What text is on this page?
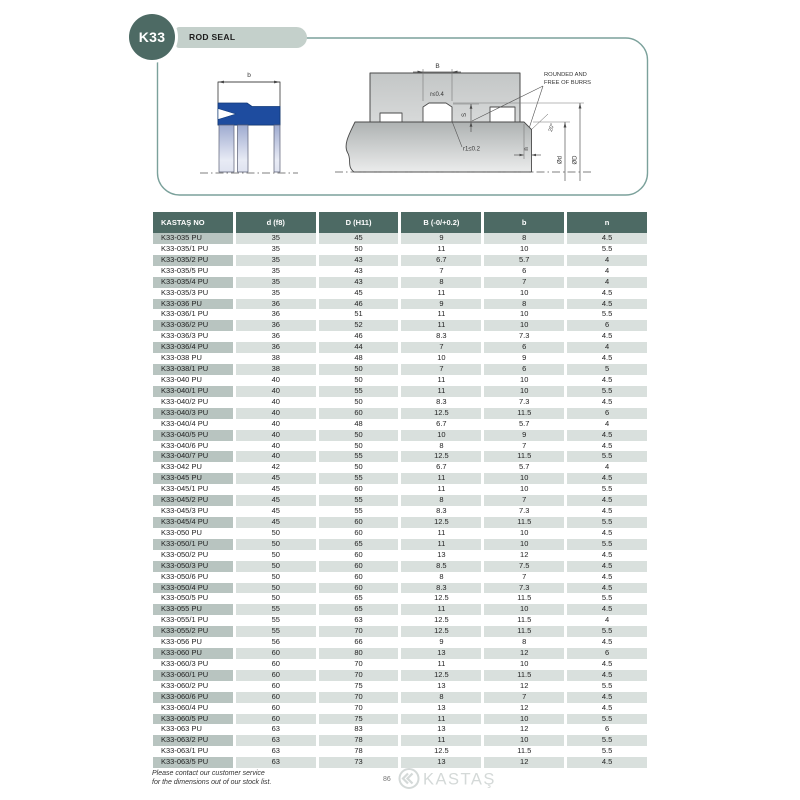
K33	ROD SEAL
b
B
r≤0.4
S
r1≤0.2
ROUNDED AND
FREE OF BURRS
20°
n
Ød ØD
KASTAŞ NO	d (f8)	D (H11)	B (-0/+0.2)	b	n
K33-035 PU	35	45	9	8	4.5
K33-035/1 PU	35	50	11	10	5.5
K33-035/2 PU	35	43	6.7	5.7	4
K33-035/5 PU	35	43	7	6	4
K33-035/4 PU	35	43	8	7	4
K33-035/3 PU	35	45	11	10	4.5
K33-036 PU	36	46	9	8	4.5
K33-036/1 PU	36	51	11	10	5.5
K33-036/2 PU	36	52	11	10	6
K33-036/3 PU	36	46	8.3	7.3	4.5
K33-036/4 PU	36	44	7	6	4
K33-038 PU	38	48	10	9	4.5
K33-038/1 PU	38	50	7	6	5
K33-040 PU	40	50	11	10	4.5
K33-040/1 PU	40	55	11	10	5.5
K33-040/2 PU	40	50	8.3	7.3	4.5
K33-040/3 PU	40	60	12.5	11.5	6
K33-040/4 PU	40	48	6.7	5.7	4
K33-040/5 PU	40	50	10	9	4.5
K33-040/6 PU	40	50	8	7	4.5
K33-040/7 PU	40	55	12.5	11.5	5.5
K33-042 PU	42	50	6.7	5.7	4
K33-045 PU	45	55	11	10	4.5
K33-045/1 PU	45	60	11	10	5.5
K33-045/2 PU	45	55	8	7	4.5
K33-045/3 PU	45	55	8.3	7.3	4.5
K33-045/4 PU	45	60	12.5	11.5	5.5
K33-050 PU	50	60	11	10	4.5
K33-050/1 PU	50	65	11	10	5.5
K33-050/2 PU	50	60	13	12	4.5
K33-050/3 PU	50	60	8.5	7.5	4.5
K33-050/6 PU	50	60	8	7	4.5
K33-050/4 PU	50	60	8.3	7.3	4.5
K33-050/5 PU	50	65	12.5	11.5	5.5
K33-055 PU	55	65	11	10	4.5
K33-055/1 PU	55	63	12.5	11.5	4
K33-055/2 PU	55	70	12.5	11.5	5.5
K33-056 PU	56	66	9	8	4.5
K33-060 PU	60	80	13	12	6
K33-060/3 PU	60	70	11	10	4.5
K33-060/1 PU	60	70	12.5	11.5	4.5
K33-060/2 PU	60	75	13	12	5.5
K33-060/6 PU	60	70	8	7	4.5
K33-060/4 PU	60	70	13	12	4.5
K33-060/5 PU	60	75	11	10	5.5
K33-063 PU	63	83	13	12	6
K33-063/2 PU	63	78	11	10	5.5
K33-063/1 PU	63	78	12.5	11.5	5.5
K33-063/5 PU	63	73	13	12	4.5
Please contact our customer service
for the dimensions out of our stock list.	86 KASTAŞ
